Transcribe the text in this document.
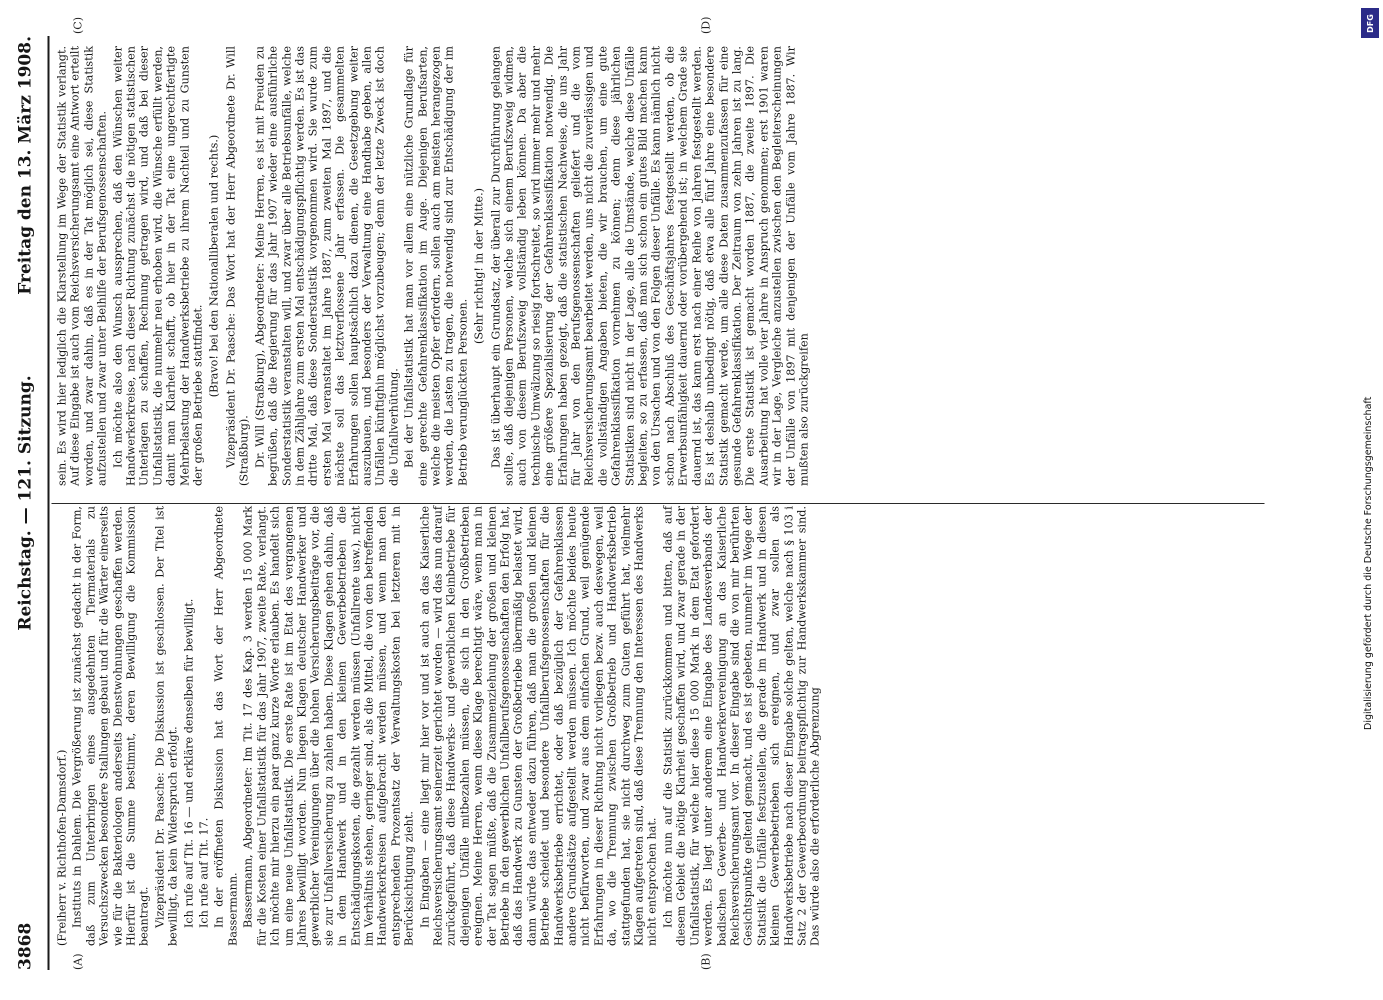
3868
Reichstag. — 121. Sitzung.
Freitag den 13. März 1908.
(A)	(B)
(C)	(D)

(Freiherr v. Richthofen-Damsdorf.) Instituts in Dahlem. Die Vergrößerung ist zunächst gedacht in der Form, daß zum Unterbringen eines ausgedehnten Tiermaterials zu Versuchszwecken besondere Stallungen gebaut und für die Wärter einerseits wie für die Bakteriologen anderseits Dienstwohnungen geschaffen werden. Hierfür ist die Summe bestimmt, deren Bewilligung die Kommission beantragt. Vizepräsident Dr. Paasche: Die Diskussion ist geschlossen. Der Titel ist bewilligt, da kein Widerspruch erfolgt. Ich rufe auf Tit. 16 — und erkläre denselben für bewilligt. Ich rufe auf Tit. 17. In der eröffneten Diskussion hat das Wort der Herr Abgeordnete Bassermann. Bassermann, Abgeordneter: Im Tit. 17 des Kap. 3 werden 15 000 Mark für die Kosten einer Unfallstatistik für das Jahr 1907, zweite Rate, verlangt. Ich möchte mir hierzu ein paar ganz kurze Worte erlauben. Es handelt sich um eine neue Unfallstatistik. Die erste Rate ist im Etat des vergangenen Jahres bewilligt worden. Nun liegen Klagen deutscher Handwerker und gewerblicher Vereinigungen über die hohen Versicherungsbeiträge vor, die sie zur Unfallversicherung zu zahlen haben. Diese Klagen gehen dahin, daß in dem Handwerk und in den kleinen Gewerbebetrieben die Entschädigungskosten, die gezahlt werden müssen (Unfallrente usw.), nicht im Verhältnis stehen, geringer sind, als die Mittel, die von den betreffenden Handwerkerkreisen aufgebracht werden müssen, und wenn man den entsprechenden Prozentsatz der Verwaltungskosten bei letzteren mit in Berücksichtigung zieht. In Eingaben — eine liegt mir hier vor und ist auch an das Kaiserliche Reichsversicherungsamt seinerzeit gerichtet worden — wird das nun darauf zurückgeführt, daß diese Handwerks- und gewerblichen Kleinbetriebe für diejenigen Unfälle mitbezahlen müssen, die sich in den Großbetrieben ereignen. Meine Herren, wenn diese Klage berechtigt wäre, wenn man in der Tat sagen müßte, daß die Zusammenziehung der großen und kleinen Betriebe in den gewerblichen Unfallberufsgenossenschaften den Erfolg hat, daß das Handwerk zu Gunsten der Großbetriebe übermäßig belastet wird, dann würde das entweder dazu führen, daß man die großen und kleinen Betriebe scheidet und besondere Unfallberufsgenossenschaften für die Handwerksbetriebe errichtet, oder daß bezüglich der Gefahrenklassen andere Grundsätze aufgestellt werden müssen. Ich möchte beides heute nicht befürworten, und zwar aus dem einfachen Grund, weil genügende Erfahrungen in dieser Richtung nicht vorliegen bezw. auch deswegen, weil da, wo die Trennung zwischen Großbetrieb und Handwerksbetrieb stattgefunden hat, sie nicht durchweg zum Guten geführt hat, vielmehr Klagen aufgetreten sind, daß diese Trennung den Interessen des Handwerks nicht entsprochen hat. Ich möchte nun auf die Statistik zurückkommen und bitten, daß auf diesem Gebiet die nötige Klarheit geschaffen wird, und zwar gerade in der Unfallstatistik, für welche hier diese 15 000 Mark in dem Etat gefordert werden. Es liegt unter anderem eine Eingabe des Landesverbands der badischen Gewerbe- und Handwerkervereinigung an das Kaiserliche Reichsversicherungsamt vor. In dieser Eingabe sind die von mir berührten Gesichtspunkte geltend gemacht, und es ist gebeten, nunmehr im Wege der Statistik die Unfälle festzustellen, die gerade im Handwerk und in diesen kleinen Gewerbebetrieben sich ereignen, und zwar sollen als Handwerksbetriebe nach dieser Eingabe solche gelten, welche nach § 103 i Satz 2 der Gewerbeordnung beitragspflichtig zur Handwerkskammer sind. Das würde also die erforderliche Abgrenzung

sein. Es wird hier lediglich die Klarstellung im Wege der Statistik verlangt. Auf diese Eingabe ist auch vom Reichsversicherungsamt eine Antwort erteilt worden, und zwar dahin, daß es in der Tat möglich sei, diese Statistik aufzustellen und zwar unter Beihilfe der Berufsgenossenschaften. Ich möchte also den Wunsch aussprechen, daß den Wünschen weiter Handwerkerkreise, nach dieser Richtung zunächst die nötigen statistischen Unterlagen zu schaffen, Rechnung getragen wird, und daß bei dieser Unfallstatistik, die nunmehr neu erhoben wird, die Wünsche erfüllt werden, damit man Klarheit schafft, ob hier in der Tat eine ungerechtfertigte Mehrbelastung der Handwerksbetriebe zu ihrem Nachteil und zu Gunsten der großen Betriebe stattfindet. (Bravo! bei den Nationalliberalen und rechts.) Vizepräsident Dr. Paasche: Das Wort hat der Herr Abgeordnete Dr. Will (Straßburg). Dr. Will (Straßburg), Abgeordneter: Meine Herren, es ist mit Freuden zu begrüßen, daß die Regierung für das Jahr 1907 wieder eine ausführliche Sonderstatistik veranstalten will, und zwar über alle Betriebsunfälle, welche in dem Zähljahre zum ersten Mal entschädigungspflichtig werden. Es ist das dritte Mal, daß diese Sonderstatistik vorgenommen wird. Sie wurde zum ersten Mal veranstaltet im Jahre 1887, zum zweiten Mal 1897, und die nächste soll das letztverflossene Jahr erfassen. Die gesammelten Erfahrungen sollen hauptsächlich dazu dienen, die Gesetzgebung weiter auszubauen, und besonders der Verwaltung eine Handhabe geben, allen Unfällen künftighin möglichst vorzubeugen; denn der letzte Zweck ist doch die Unfallverhütung. Bei der Unfallstatistik hat man vor allem eine nützliche Grundlage für eine gerechte Gefahrenklassifikation im Auge. Diejenigen Berufsarten, welche die meisten Opfer erfordern, sollen auch am meisten herangezogen werden, die Lasten zu tragen, die notwendig sind zur Entschädigung der im Betrieb verunglückten Personen.

(Sehr richtig! in der Mitte.) Das ist überhaupt ein Grundsatz, der überall zur Durchführung gelangen sollte, daß diejenigen Personen, welche sich einem Berufszweig widmen, auch von diesem Berufszweig vollständig leben können. Da aber die technische Umwälzung so riesig fortschreitet, so wird immer mehr und mehr eine größere Spezialisierung der Gefahrenklassifikation notwendig. Die Erfahrungen haben gezeigt, daß die statistischen Nachweise, die uns Jahr für Jahr von den Berufsgenossenschaften geliefert und die vom Reichsversicherungsamt bearbeitet werden, uns nicht die zuverlässigen und die vollständigen Angaben bieten, die wir brauchen, um eine gute Gefahrenklassifikation vornehmen zu können; denn diese jährlichen Statistiken sind nicht in der Lage, alle die Umstände, welche diese Unfälle begleiten, so zu erfassen, daß man sich schon ein gutes Bild machen kann von den Ursachen und von den Folgen dieser Unfälle. Es kann nämlich nicht schon nach Abschluß des Geschäftsjahres festgestellt werden, ob die Erwerbsunfähigkeit dauernd oder vorübergehend ist; in welchem Grade sie dauernd ist, das kann erst nach einer Reihe von Jahren festgestellt werden. Es ist deshalb unbedingt nötig, daß etwa alle fünf Jahre eine besondere Statistik gemacht werde, um alle diese Daten zusammenzufassen für eine gesunde Gefahrenklassifikation. Der Zeitraum von zehn Jahren ist zu lang. Die erste Statistik ist gemacht worden 1887, die zweite 1897. Die Ausarbeitung hat volle vier Jahre in Anspruch genommen; erst 1901 waren wir in der Lage, Vergleiche anzustellen zwischen den Begleiterscheinungen der Unfälle von 1897 mit denjenigen der Unfälle vom Jahre 1887. Wir mußten also zurückgreifen

DFG
Digitalisierung gefördert durch die Deutsche Forschungsgemeinschaft
